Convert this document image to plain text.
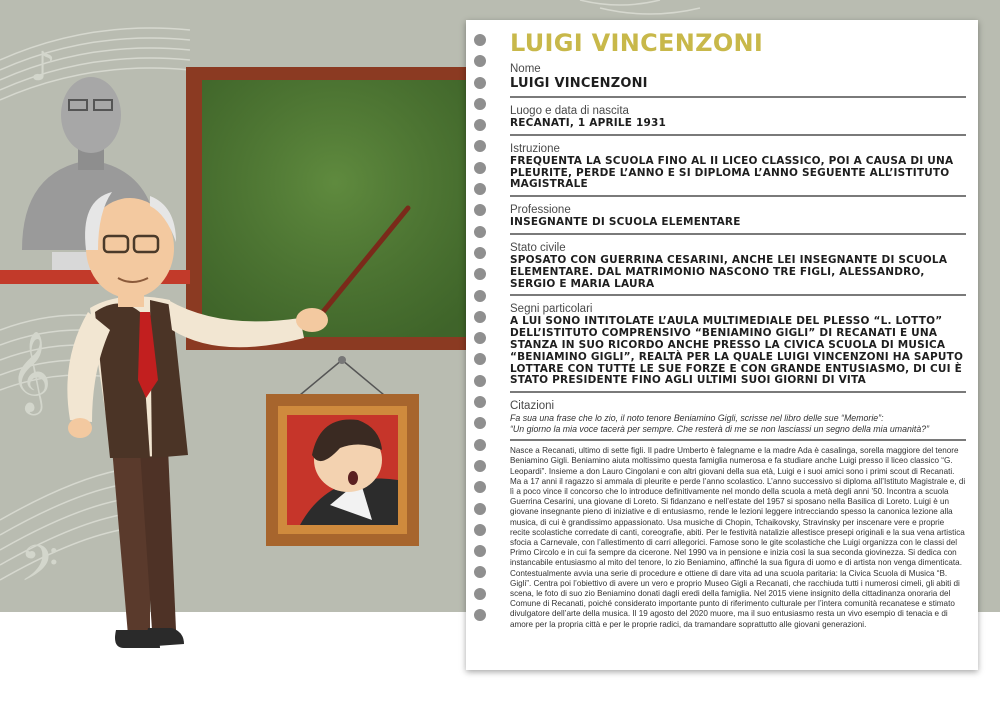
𝄞
𝄢
♪
LUIGI VINCENZONI
Nome
LUIGI VINCENZONI
Luogo e data di nascita
RECANATI, 1 APRILE 1931
Istruzione
FREQUENTA LA SCUOLA FINO AL II LICEO CLASSICO, POI A CAUSA DI UNA PLEURITE, PERDE L’ANNO E SI DIPLOMA L’ANNO SEGUENTE ALL’ISTITUTO MAGISTRALE
Professione
INSEGNANTE DI SCUOLA ELEMENTARE
Stato civile
SPOSATO CON GUERRINA CESARINI, ANCHE LEI INSEGNANTE DI SCUOLA ELEMENTARE. DAL MATRIMONIO NASCONO TRE FIGLI, ALESSANDRO, SERGIO E MARIA LAURA
Segni particolari
A LUI SONO INTITOLATE L’AULA MULTIMEDIALE DEL PLESSO “L. LOTTO” DELL’ISTITUTO COMPRENSIVO “BENIAMINO GIGLI” DI RECANATI E UNA STANZA IN SUO RICORDO ANCHE PRESSO LA CIVICA SCUOLA DI MUSICA “BENIAMINO GIGLI”, REALTÀ PER LA QUALE LUIGI VINCENZONI HA SAPUTO LOTTARE CON TUTTE LE SUE FORZE E CON GRANDE ENTUSIASMO, DI CUI È STATO PRESIDENTE FINO AGLI ULTIMI SUOI GIORNI DI VITA
Citazioni
Fa sua una frase che lo zio, il noto tenore Beniamino Gigli, scrisse nel libro delle sue “Memorie”:
“Un giorno la mia voce tacerà per sempre. Che resterà di me se non lasciassi un segno della mia umanità?”
Nasce a Recanati, ultimo di sette figli. Il padre Umberto è falegname e la madre Ada è casalinga, sorella maggiore del tenore Beniamino Gigli. Beniamino aiuta moltissimo questa famiglia numerosa e fa studiare anche Luigi presso il liceo classico “G. Leopardi”. Insieme a don Lauro Cingolani e con altri giovani della sua età, Luigi e i suoi amici sono i primi scout di Recanati. Ma a 17 anni il ragazzo si ammala di pleurite e perde l’anno scolastico. L’anno successivo si diploma all’Istituto Magistrale e, di lì a poco vince il concorso che lo introduce definitivamente nel mondo della scuola a metà degli anni ’50. Incontra a scuola Guerrina Cesarini, una giovane di Loreto. Si fidanzano e nell’estate del 1957 si sposano nella Basilica di Loreto. Luigi è un giovane insegnante pieno di iniziative e di entusiasmo, rende le lezioni leggere intrecciando spesso la canonica lezione alla musica, di cui è grandissimo appassionato. Usa musiche di Chopin, Tchaikovsky, Stravinsky per inscenare vere e proprie recite scolastiche corredate di canti, coreografie, abiti. Per le festività natalizie allestisce presepi originali e la sua vena artistica sfocia a Carnevale, con l’allestimento di carri allegorici. Famose sono le gite scolastiche che Luigi organizza con le classi del Primo Circolo e in cui fa sempre da cicerone. Nel 1990 va in pensione e inizia così la sua seconda giovinezza. Si dedica con instancabile entusiasmo al mito del tenore, lo zio Beniamino, affinché la sua figura di uomo e di artista non venga dimenticata. Contestualmente avvia una serie di procedure e ottiene di dare vita ad una scuola paritaria: la Civica Scuola di Musica “B. Gigli”. Centra poi l’obiettivo di avere un vero e proprio Museo Gigli a Recanati, che racchiuda tutti i numerosi cimeli, gli abiti di scena, le foto di suo zio Beniamino donati dagli eredi della famiglia. Nel 2015 viene insignito della cittadinanza onoraria del Comune di Recanati, poiché considerato importante punto di riferimento culturale per l’intera comunità recanatese e stimato divulgatore dell’arte della musica. Il 19 agosto del 2020 muore, ma il suo entusiasmo resta un vivo esempio di tenacia e di amore per la propria città e per le proprie radici, da tramandare soprattutto alle giovani generazioni.
